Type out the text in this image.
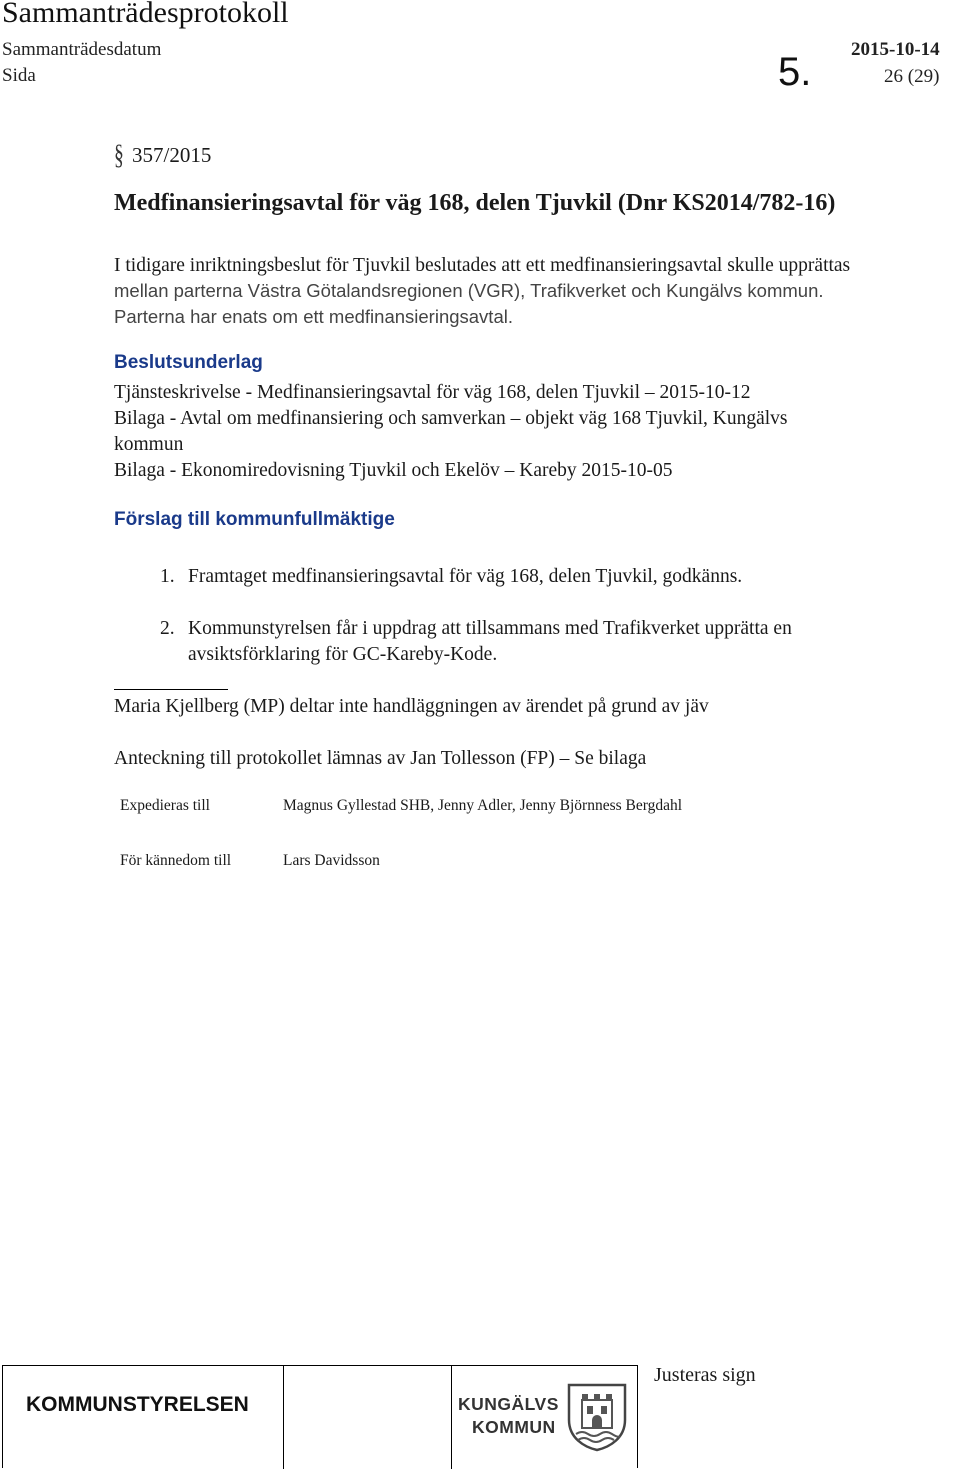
Sammanträdesprotokoll
Sammanträdesdatum	2015-10-14
Sida	5.	26 (29)
§ 357/2015
Medfinansieringsavtal för väg 168, delen Tjuvkil (Dnr KS2014/782-16)
I tidigare inriktningsbeslut för Tjuvkil beslutades att ett medfinansieringsavtal skulle upprättas
mellan parterna Västra Götalandsregionen (VGR), Trafikverket och Kungälvs kommun.
Parterna har enats om ett medfinansieringsavtal.
Beslutsunderlag
Tjänsteskrivelse - Medfinansieringsavtal för väg 168, delen Tjuvkil – 2015-10-12
Bilaga - Avtal om medfinansiering och samverkan – objekt väg 168 Tjuvkil, Kungälvs
kommun
Bilaga - Ekonomiredovisning Tjuvkil och Ekelöv – Kareby 2015-10-05
Förslag till kommunfullmäktige
1. Framtaget medfinansieringsavtal för väg 168, delen Tjuvkil, godkänns.
2. Kommunstyrelsen får i uppdrag att tillsammans med Trafikverket upprätta en
avsiktsförklaring för GC-Kareby-Kode.
Maria Kjellberg (MP) deltar inte handläggningen av ärendet på grund av jäv
Anteckning till protokollet lämnas av Jan Tollesson (FP) – Se bilaga
Expedieras till	Magnus Gyllestad SHB, Jenny Adler, Jenny Björnness Bergdahl
För kännedom till	Lars Davidsson
KOMMUNSTYRELSEN	KUNGÄLVS
KOMMUN
Justeras sign
